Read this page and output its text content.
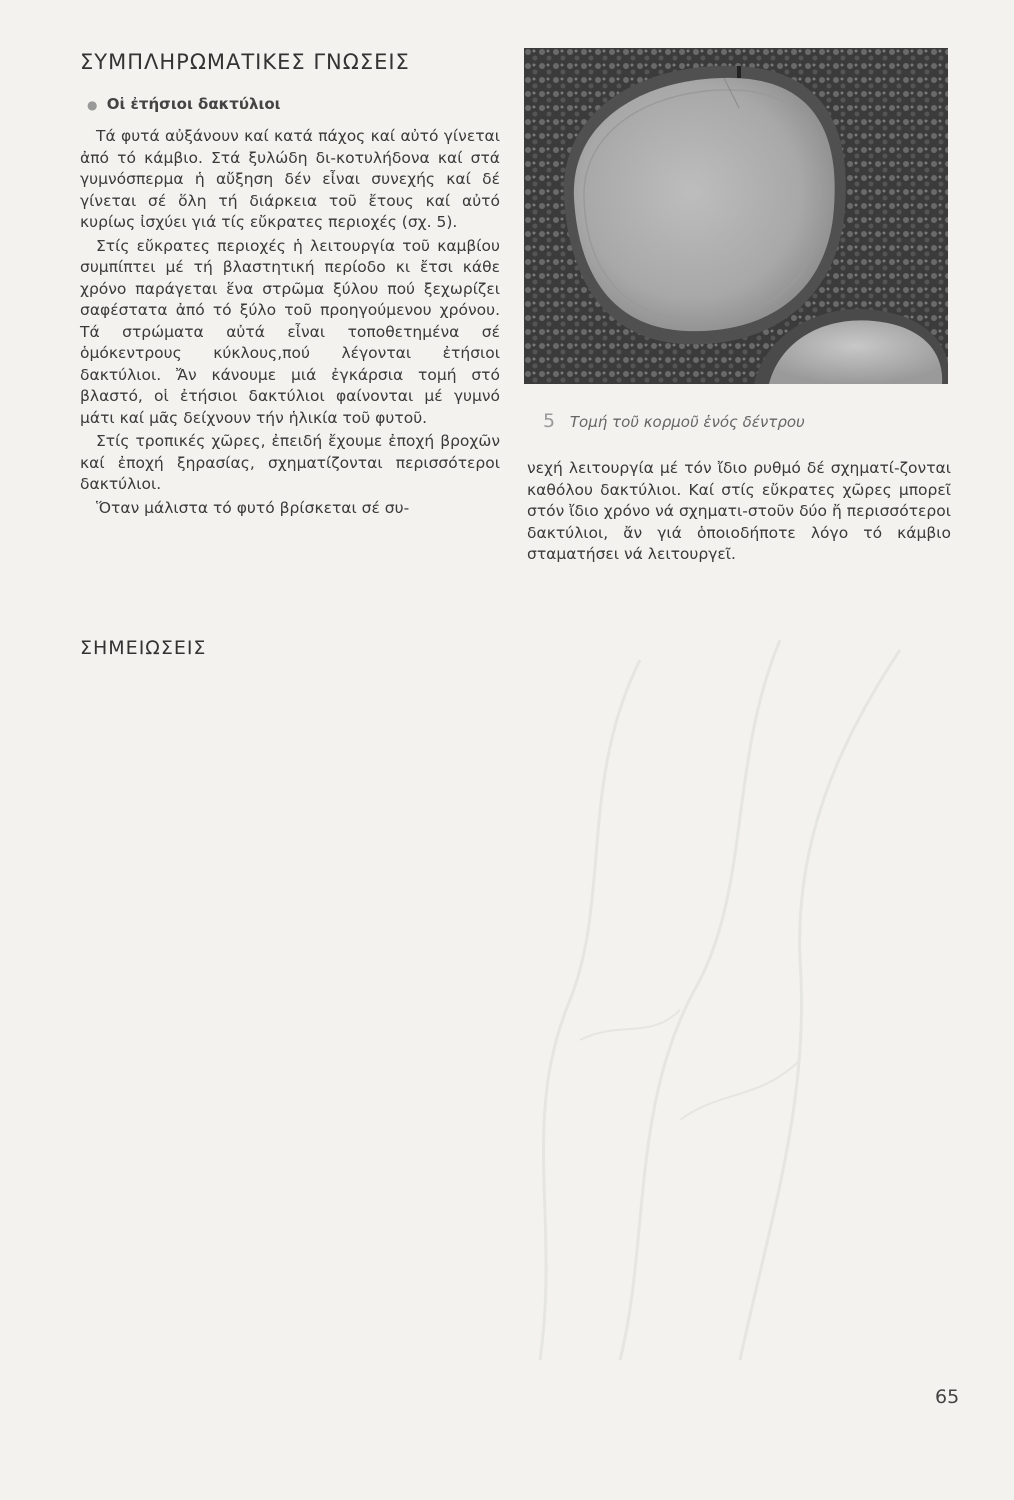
ΣΥΜΠΛΗΡΩΜΑΤΙΚΕΣ ΓΝΩΣΕΙΣ
● Οἱ ἐτήσιοι δακτύλιοι

Τά φυτά αὐξάνουν καί κατά πάχος καί αὐτό γίνεται ἀπό τό κάμβιο. Στά ξυλώδη δι-κοτυλήδονα καί στά γυμνόσπερμα ἡ αὔξηση δέν εἶναι συνεχής καί δέ γίνεται σέ ὅλη τή διάρκεια τοῦ ἔτους καί αὐτό κυρίως ἰσχύει γιά τίς εὔκρατες περιοχές (σχ. 5).

Στίς εὔκρατες περιοχές ἡ λειτουργία τοῦ καμβίου συμπίπτει μέ τή βλαστητική περίοδο κι ἔτσι κάθε χρόνο παράγεται ἕνα στρῶμα ξύλου πού ξεχωρίζει σαφέστατα ἀπό τό ξύλο τοῦ προηγούμενου χρόνου. Τά στρώματα αὐτά εἶναι τοποθετημένα σέ ὁμόκεντρους κύκλους,πού λέγονται ἐτήσιοι δακτύλιοι. Ἄν κάνουμε μιά ἐγκάρσια τομή στό βλαστό, οἱ ἐτήσιοι δακτύλιοι φαίνονται μέ γυμνό μάτι καί μᾶς δείχνουν τήν ἡλικία τοῦ φυτοῦ.

Στίς τροπικές χῶρες, ἐπειδή ἔχουμε ἐποχή βροχῶν καί ἐποχή ξηρασίας, σχηματίζονται περισσότεροι δακτύλιοι.

Ὅταν μάλιστα τό φυτό βρίσκεται σέ συ-

ΣΗΜΕΙΩΣΕΙΣ
5 Τομή τοῦ κορμοῦ ἑνός δέντρου

νεχή λειτουργία μέ τόν ἴδιο ρυθμό δέ σχηματί-ζονται καθόλου δακτύλιοι. Καί στίς εὔκρατες χῶρες μπορεῖ στόν ἴδιο χρόνο νά σχηματι-στοῦν δύο ἤ περισσότεροι δακτύλιοι, ἄν γιά ὁποιοδήποτε λόγο τό κάμβιο σταματήσει νά λειτουργεῖ.

65
